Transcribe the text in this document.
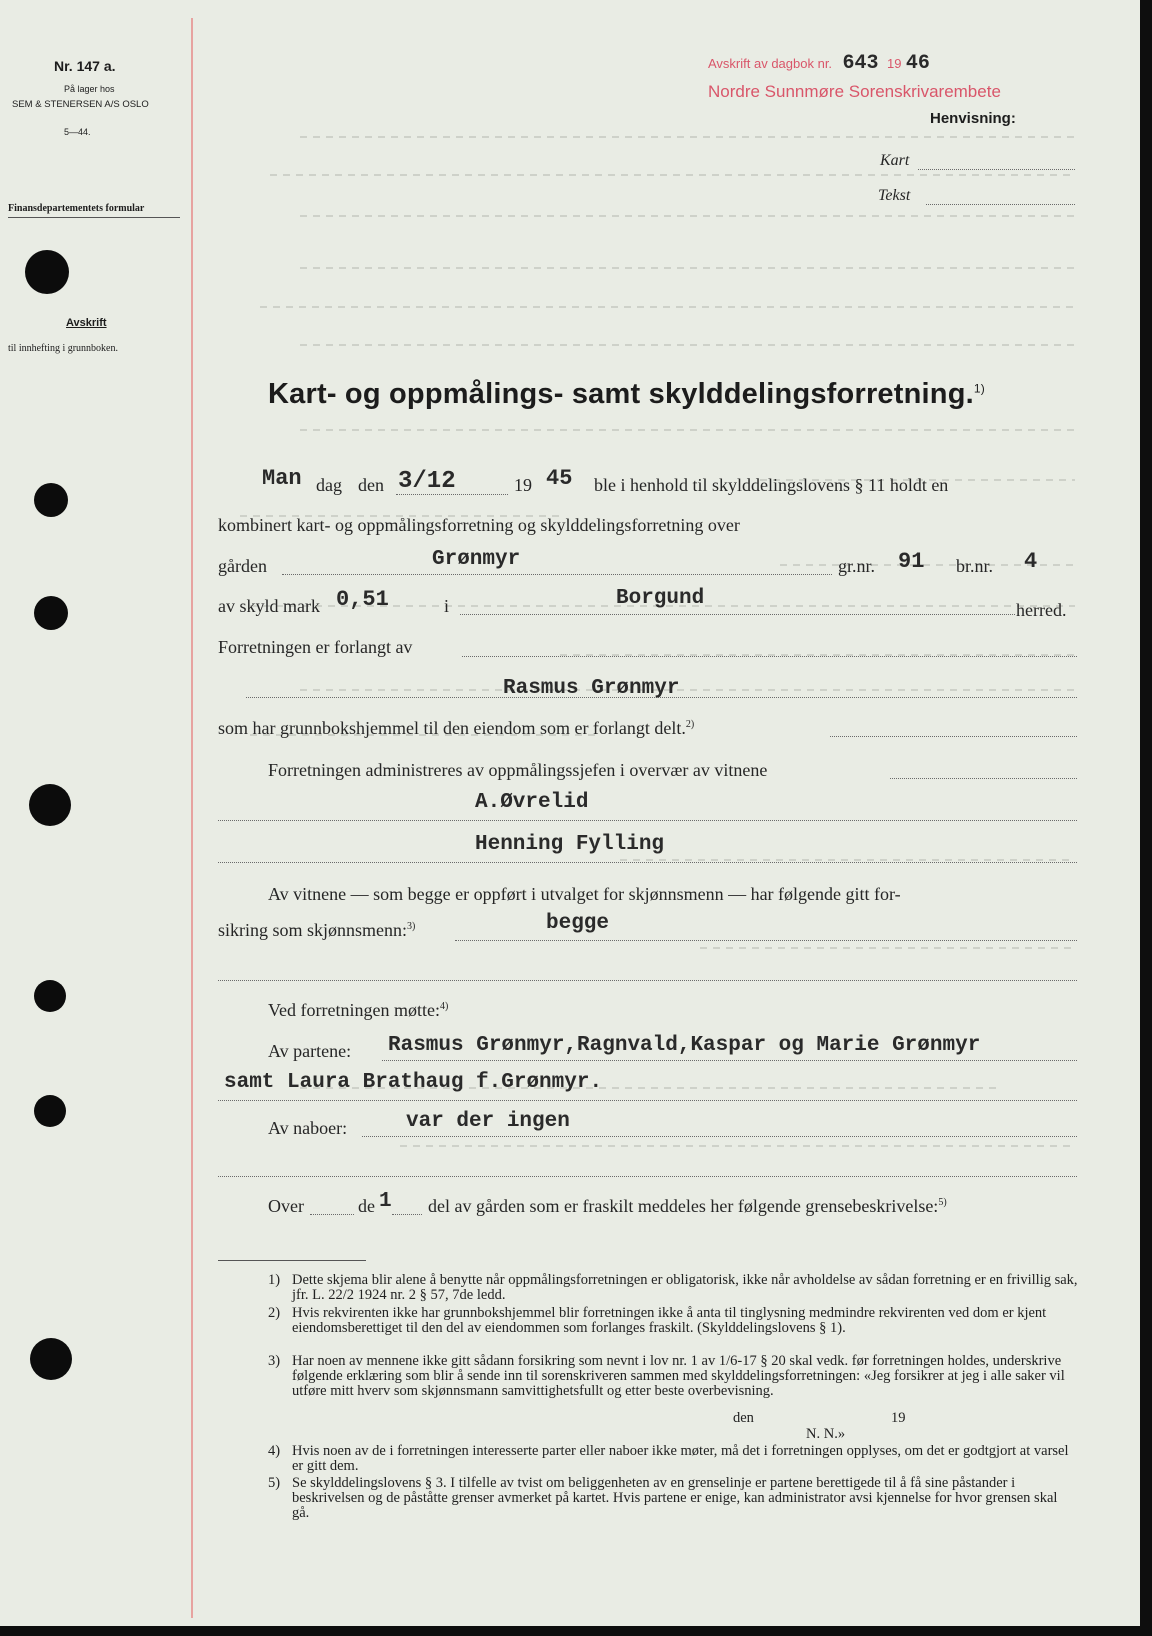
Nr. 147 a.
På lager hos
SEM & STENERSEN A/S OSLO
5—44.
Finansdepartementets formular
Avskrift
til innhefting i grunnboken.
Avskrift av dagbok nr. 643 19 46
Nordre Sunnmøre Sorenskrivarembete
Henvisning:
Kart
Tekst
Kart- og oppmålings- samt skylddelingsforretning.$^{1)}$
Man dag den 3/12	19 45 ble i henhold til skylddelingslovens § 11 holdt en
kombinert kart- og oppmålingsforretning og skylddelingsforretning over
gården	Grønmyr	gr.nr. 91 br.nr. 4
av skyld mark 0,51	i	Borgund	herred.
Forretningen er forlangt av
Rasmus Grønmyr
som har grunnbokshjemmel til den eiendom som er forlangt delt.$^{2)}$
Forretningen administreres av oppmålingssjefen i overvær av vitnene
A.Øvrelid
Henning Fylling
Av vitnene — som begge er oppført i utvalget for skjønnsmenn — har følgende gitt for-
sikring som skjønnsmenn:$^{3)}$	begge
Ved forretningen møtte:$^{4)}$
Av partene: Rasmus Grønmyr,Ragnvald,Kaspar og Marie Grønmyr
samt Laura Brathaug f.Grønmyr.
Av naboer:	var der ingen
Over	de 1 del av gården som er fraskilt meddeles her følgende grensebeskrivelse:$^{5)}$
1) Dette skjema blir alene å benytte når oppmålingsforretningen er obligatorisk, ikke når avholdelse av sådan forretning er en frivillig sak, jfr. L. 22/2 1924 nr. 2 § 57, 7de ledd.
2) Hvis rekvirenten ikke har grunnbokshjemmel blir forretningen ikke å anta til tinglysning medmindre rekvirenten ved dom er kjent eiendomsberettiget til den del av eiendommen som forlanges fraskilt. (Skylddelingslovens § 1).
3) Har noen av mennene ikke gitt sådann forsikring som nevnt i lov nr. 1 av 1/6-17 § 20 skal vedk. før forretningen holdes, underskrive følgende erklæring som blir å sende inn til sorenskriveren sammen med skylddelingsforretningen: «Jeg forsikrer at jeg i alle saker vil utføre mitt hverv som skjønnsmann samvittighetsfullt og etter beste overbevisning.
den	19
N. N.»
4) Hvis noen av de i forretningen interesserte parter eller naboer ikke møter, må det i forretningen opplyses, om det er godtgjort at varsel er gitt dem.
5) Se skylddelingslovens § 3. I tilfelle av tvist om beliggenheten av en grenselinje er partene berettigede til å få sine påstander i beskrivelsen og de påståtte grenser avmerket på kartet. Hvis partene er enige, kan administrator avsi kjennelse for hvor grensen skal gå.
